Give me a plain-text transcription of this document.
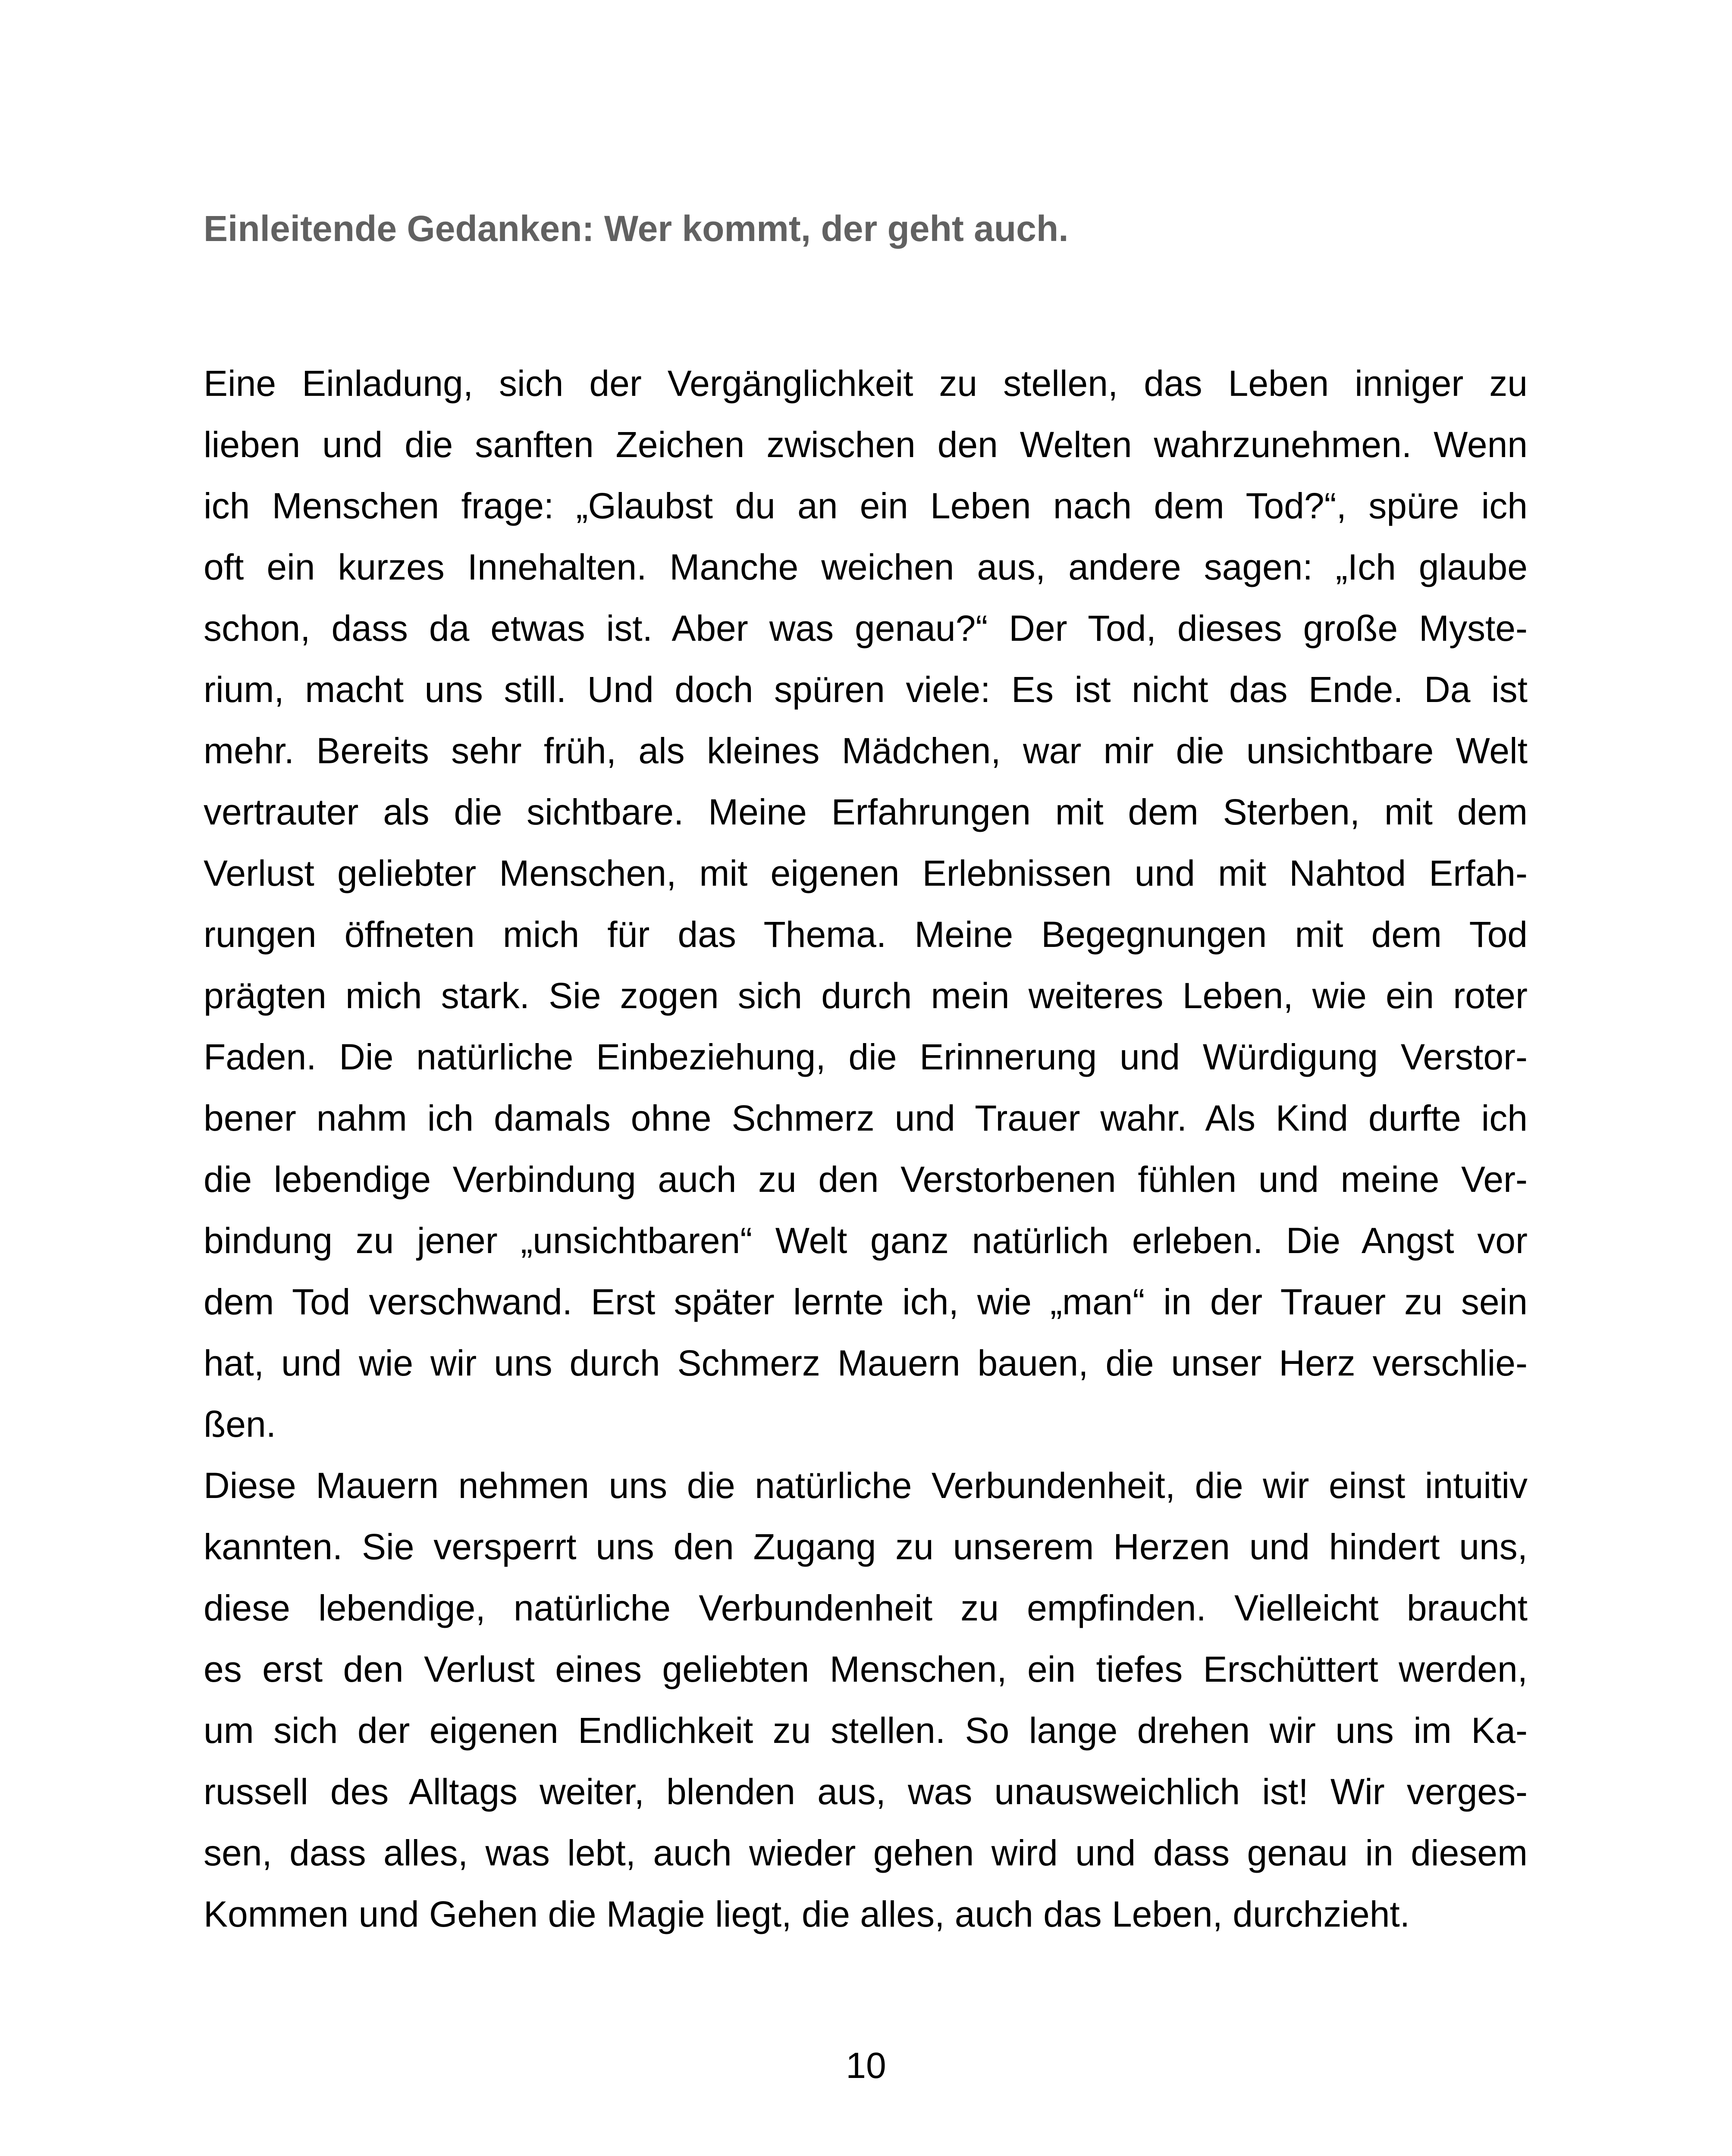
Einleitende Gedanken: Wer kommt, der geht auch.
Eine Einladung, sich der Vergänglichkeit zu stellen, das Leben inniger zu
lieben und die sanften Zeichen zwischen den Welten wahrzunehmen. Wenn
ich Menschen frage: „Glaubst du an ein Leben nach dem Tod?“, spüre ich
oft ein kurzes Innehalten. Manche weichen aus, andere sagen: „Ich glaube
schon, dass da etwas ist. Aber was genau?“ Der Tod, dieses große Myste-
rium, macht uns still. Und doch spüren viele: Es ist nicht das Ende. Da ist
mehr. Bereits sehr früh, als kleines Mädchen, war mir die unsichtbare Welt
vertrauter als die sichtbare. Meine Erfahrungen mit dem Sterben, mit dem
Verlust geliebter Menschen, mit eigenen Erlebnissen und mit Nahtod Erfah-
rungen öffneten mich für das Thema. Meine Begegnungen mit dem Tod
prägten mich stark. Sie zogen sich durch mein weiteres Leben, wie ein roter
Faden. Die natürliche Einbeziehung, die Erinnerung und Würdigung Verstor-
bener nahm ich damals ohne Schmerz und Trauer wahr. Als Kind durfte ich
die lebendige Verbindung auch zu den Verstorbenen fühlen und meine Ver-
bindung zu jener „unsichtbaren“ Welt ganz natürlich erleben. Die Angst vor
dem Tod verschwand. Erst später lernte ich, wie „man“ in der Trauer zu sein
hat, und wie wir uns durch Schmerz Mauern bauen, die unser Herz verschlie-
ßen.
Diese Mauern nehmen uns die natürliche Verbundenheit, die wir einst intuitiv
kannten. Sie versperrt uns den Zugang zu unserem Herzen und hindert uns,
diese lebendige, natürliche Verbundenheit zu empfinden. Vielleicht braucht
es erst den Verlust eines geliebten Menschen, ein tiefes Erschüttert werden,
um sich der eigenen Endlichkeit zu stellen. So lange drehen wir uns im Ka-
russell des Alltags weiter, blenden aus, was unausweichlich ist! Wir verges-
sen, dass alles, was lebt, auch wieder gehen wird und dass genau in diesem
Kommen und Gehen die Magie liegt, die alles, auch das Leben, durchzieht.

10
